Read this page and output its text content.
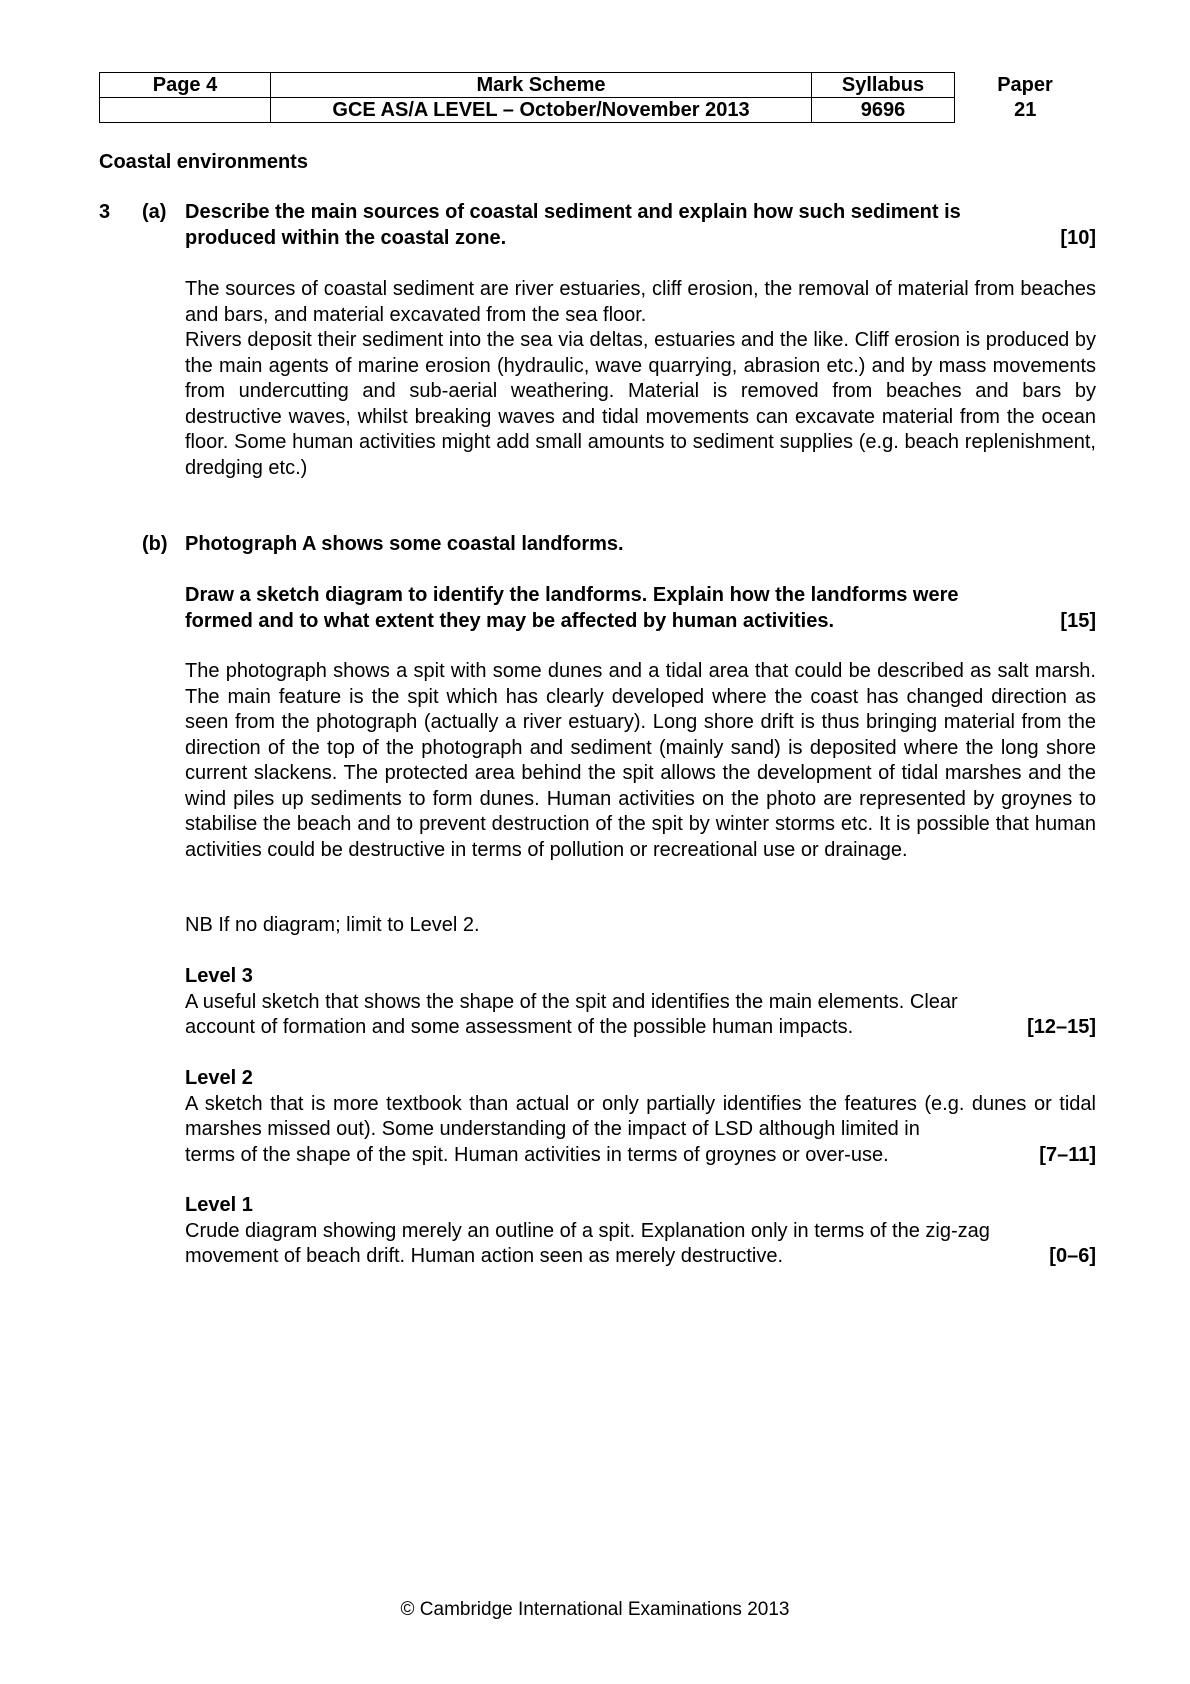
Page 4	Mark Scheme	Syllabus	Paper
	GCE AS/A LEVEL – October/November 2013	9696	21
Coastal environments
3 (a) Describe the main sources of coastal sediment and explain how such sediment is

produced within the coastal zone.	[10]

The sources of coastal sediment are river estuaries, cliff erosion, the removal of material from beaches and bars, and material excavated from the sea floor.

Rivers deposit their sediment into the sea via deltas, estuaries and the like. Cliff erosion is produced by the main agents of marine erosion (hydraulic, wave quarrying, abrasion etc.) and by mass movements from undercutting and sub-aerial weathering. Material is removed from beaches and bars by destructive waves, whilst breaking waves and tidal movements can excavate material from the ocean floor. Some human activities might add small amounts to sediment supplies (e.g. beach replenishment, dredging etc.)

(b) Photograph A shows some coastal landforms.

Draw a sketch diagram to identify the landforms. Explain how the landforms were

formed and to what extent they may be affected by human activities.	[15]
The photograph shows a spit with some dunes and a tidal area that could be described as salt marsh. The main feature is the spit which has clearly developed where the coast has changed direction as seen from the photograph (actually a river estuary). Long shore drift is thus bringing material from the direction of the top of the photograph and sediment (mainly sand) is deposited where the long shore current slackens. The protected area behind the spit allows the development of tidal marshes and the wind piles up sediments to form dunes. Human activities on the photo are represented by groynes to stabilise the beach and to prevent destruction of the spit by winter storms etc. It is possible that human activities could be destructive in terms of pollution or recreational use or drainage.
NB If no diagram; limit to Level 2.

Level 3

A useful sketch that shows the shape of the spit and identifies the main elements. Clear

account of formation and some assessment of the possible human impacts.	[12–15]

Level 2

A sketch that is more textbook than actual or only partially identifies the features (e.g. dunes or tidal marshes missed out). Some understanding of the impact of LSD although limited in

terms of the shape of the spit. Human activities in terms of groynes or over-use.	[7–11]

Level 1

Crude diagram showing merely an outline of a spit. Explanation only in terms of the zig-zag

movement of beach drift. Human action seen as merely destructive.	[0–6]
© Cambridge International Examinations 2013
